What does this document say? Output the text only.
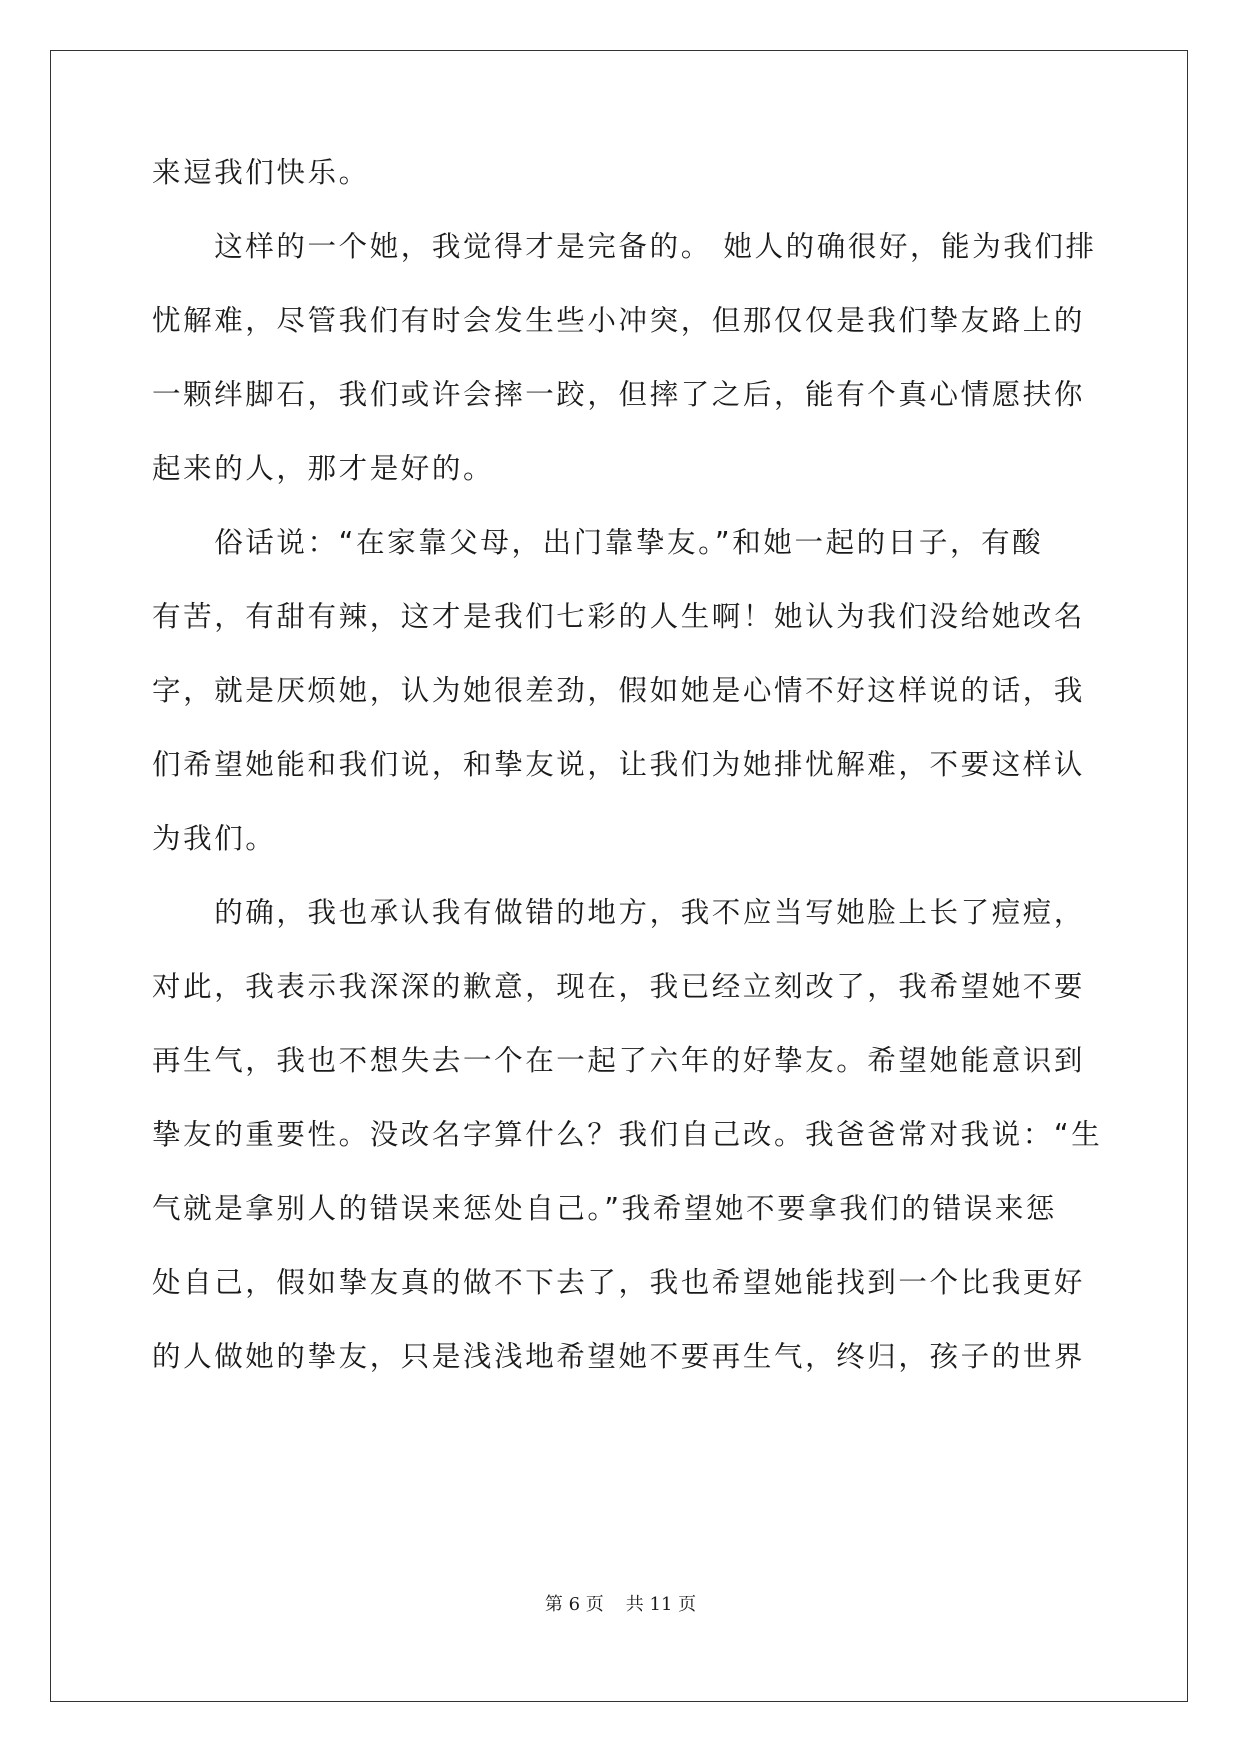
来逗我们快乐。
　　这样的一个她，我觉得才是完备的。 她人的确很好，能为我们排
忧解难，尽管我们有时会发生些小冲突，但那仅仅是我们挚友路上的
一颗绊脚石，我们或许会摔一跤，但摔了之后，能有个真心情愿扶你
起来的人，那才是好的。
　　俗话说：“在家靠父母，出门靠挚友。”和她一起的日子，有酸
有苦，有甜有辣，这才是我们七彩的人生啊！她认为我们没给她改名
字，就是厌烦她，认为她很差劲，假如她是心情不好这样说的话，我
们希望她能和我们说，和挚友说，让我们为她排忧解难，不要这样认
为我们。
　　的确，我也承认我有做错的地方，我不应当写她脸上长了痘痘，
对此，我表示我深深的歉意，现在，我已经立刻改了，我希望她不要
再生气，我也不想失去一个在一起了六年的好挚友。希望她能意识到
挚友的重要性。没改名字算什么？我们自己改。我爸爸常对我说：“生
气就是拿别人的错误来惩处自己。”我希望她不要拿我们的错误来惩
处自己，假如挚友真的做不下去了，我也希望她能找到一个比我更好
的人做她的挚友，只是浅浅地希望她不要再生气，终归，孩子的世界
第 6 页 共 11 页
